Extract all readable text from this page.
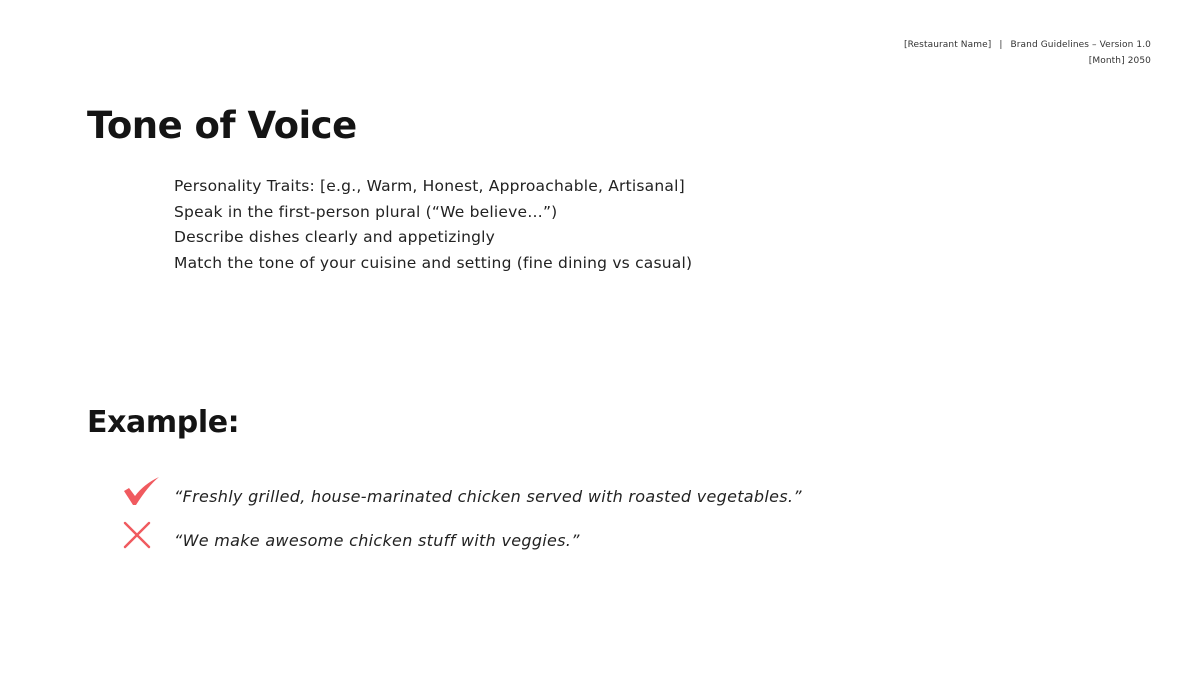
[Restaurant Name] | Brand Guidelines – Version 1.0
[Month] 2050
Tone of Voice
Personality Traits: [e.g., Warm, Honest, Approachable, Artisanal]
Speak in the first-person plural (“We believe…”)
Describe dishes clearly and appetizingly
Match the tone of your cuisine and setting (fine dining vs casual)
Example:
“Freshly grilled, house-marinated chicken served with roasted vegetables.”
“We make awesome chicken stuff with veggies.”
